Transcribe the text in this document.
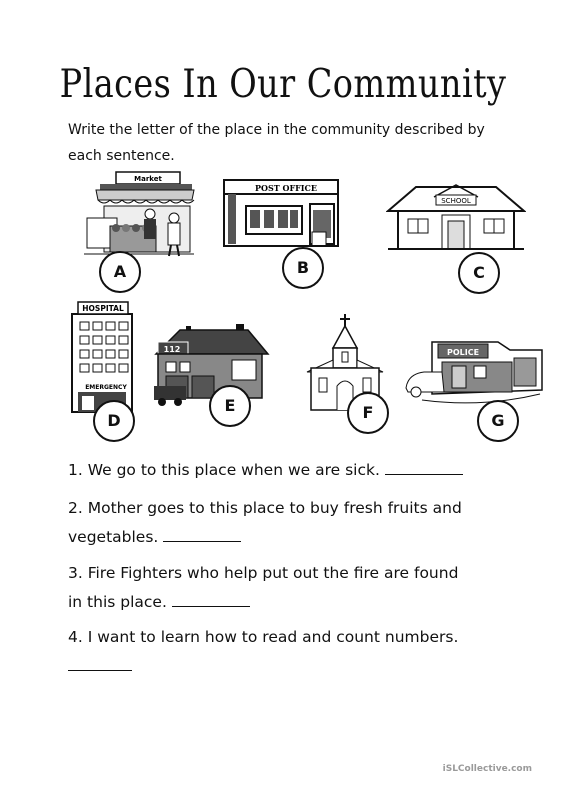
Places In Our Community
Write the letter of the place in the community described by each sentence.
Market
A
POST OFFICE
B
SCHOOL
C
HOSPITAL
EMERGENCY
D
112
E	F
POLICE
G
1. We go to this place when we are sick.
2. Mother goes to this place to buy fresh fruits and
vegetables.
3. Fire Fighters who help put out the fire are found
in this place.
4. I want to learn how to read and count numbers.
iSLCollective.com
